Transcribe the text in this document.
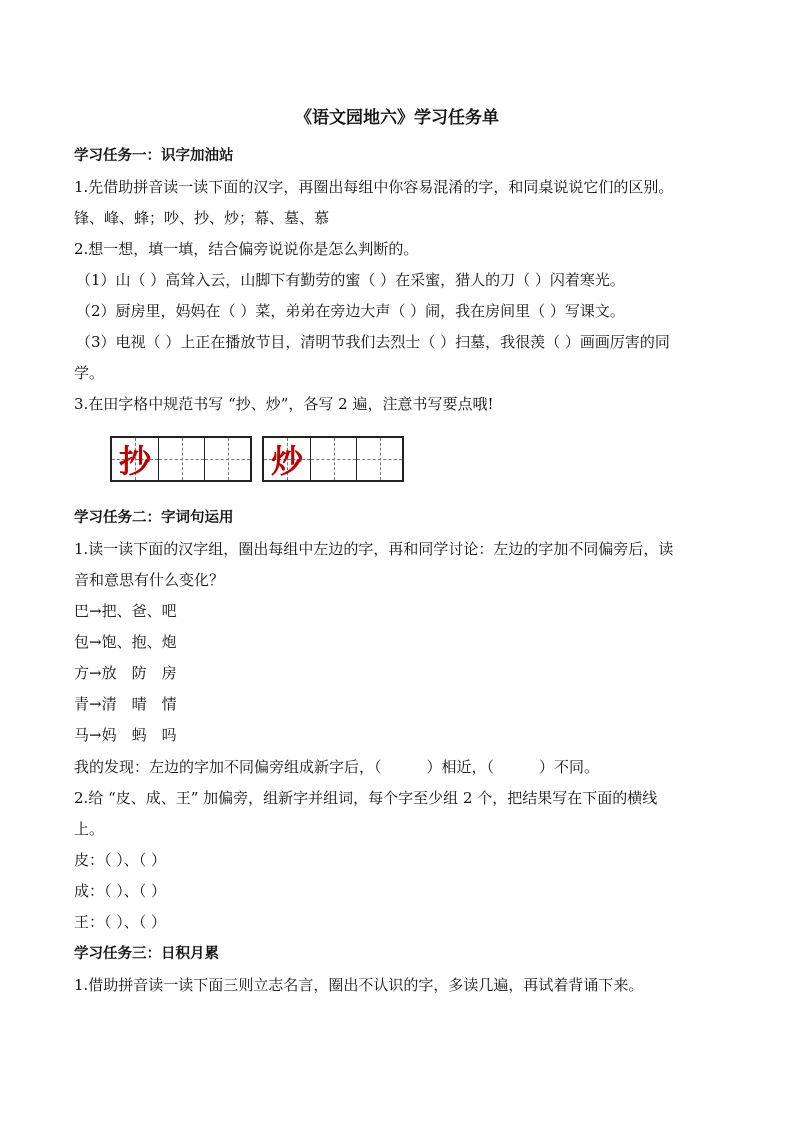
《语文园地六》学习任务单
学习任务一：识字加油站
1.先借助拼音读一读下面的汉字，再圈出每组中你容易混淆的字，和同桌说说它们的区别。
锋、峰、蜂；吵、抄、炒；幕、墓、慕
2.想一想，填一填，结合偏旁说说你是怎么判断的。
（1）山（ ）高耸入云，山脚下有勤劳的蜜（ ）在采蜜，猎人的刀（ ）闪着寒光。
（2）厨房里，妈妈在（ ）菜，弟弟在旁边大声（ ）闹，我在房间里（ ）写课文。
（3）电视（ ）上正在播放节目，清明节我们去烈士（ ）扫墓，我很羡（ ）画画厉害的同
学。
3.在田字格中规范书写 “抄、炒”，各写 2 遍，注意书写要点哦!
抄	炒
学习任务二：字词句运用
1.读一读下面的汉字组，圈出每组中左边的字，再和同学讨论：左边的字加不同偏旁后，读
音和意思有什么变化？
巴→把、爸、吧
包→饱、抱、炮
方→放　防　房
青→清　晴　情
马→妈　蚂　吗
我的发现：左边的字加不同偏旁组成新字后，（　　　）相近，（　　　）不同。
2.给 “皮、成、王” 加偏旁，组新字并组词，每个字至少组 2 个，把结果写在下面的横线
上。
皮：（ ）、（ ）
成：（ ）、（ ）
王：（ ）、（ ）
学习任务三：日积月累
1.借助拼音读一读下面三则立志名言，圈出不认识的字，多读几遍，再试着背诵下来。
